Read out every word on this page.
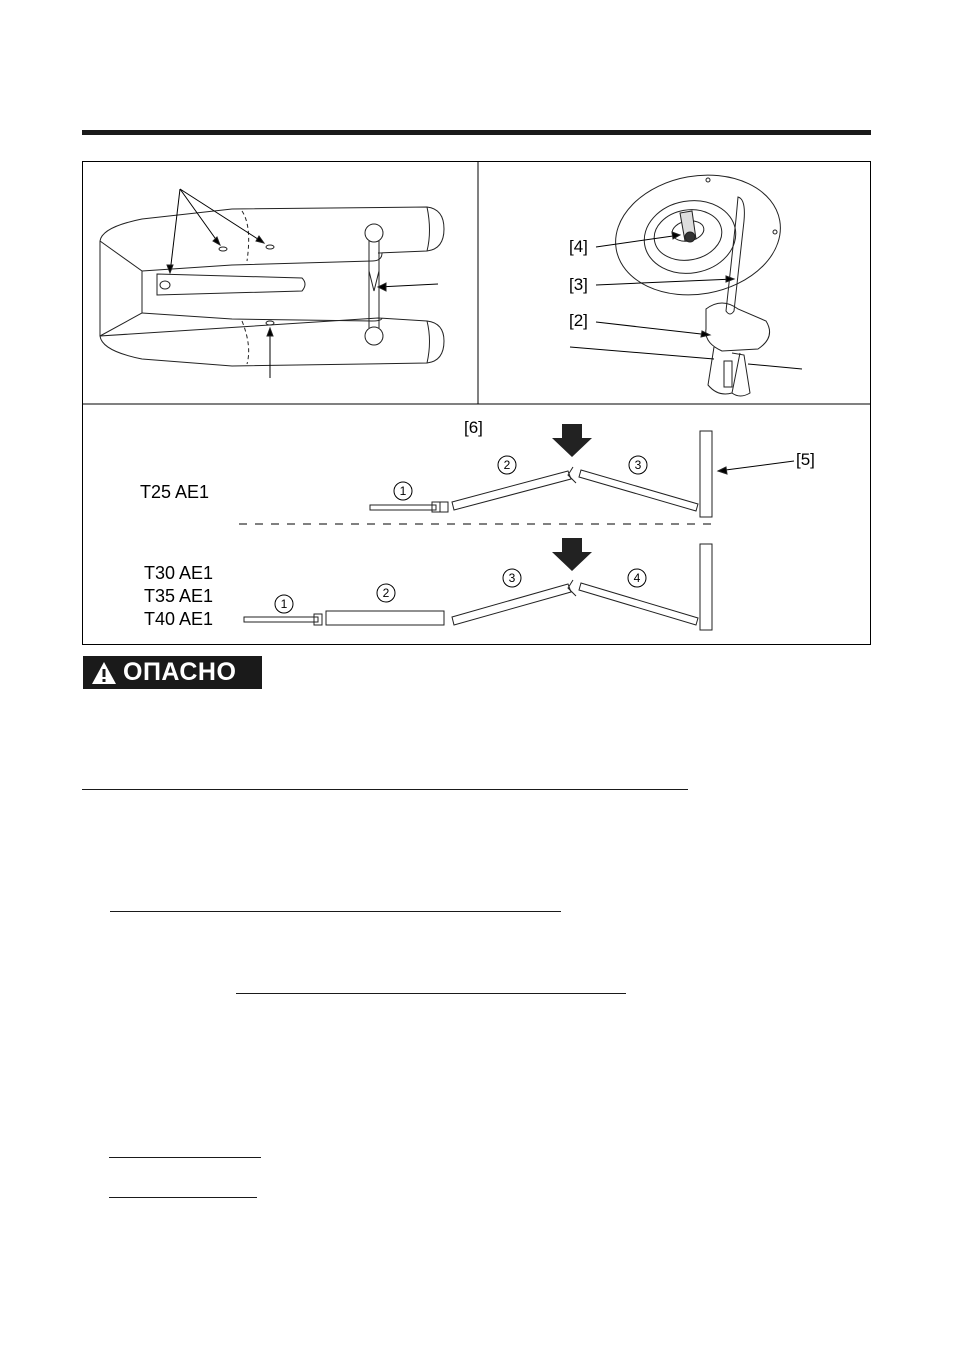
1
2	3
1
2
3	4
[4]
[3]
[2]
[6]
[5]
T25 AE1
T30 AE1
T35 AE1
T40 AE1
ОПАСНО
